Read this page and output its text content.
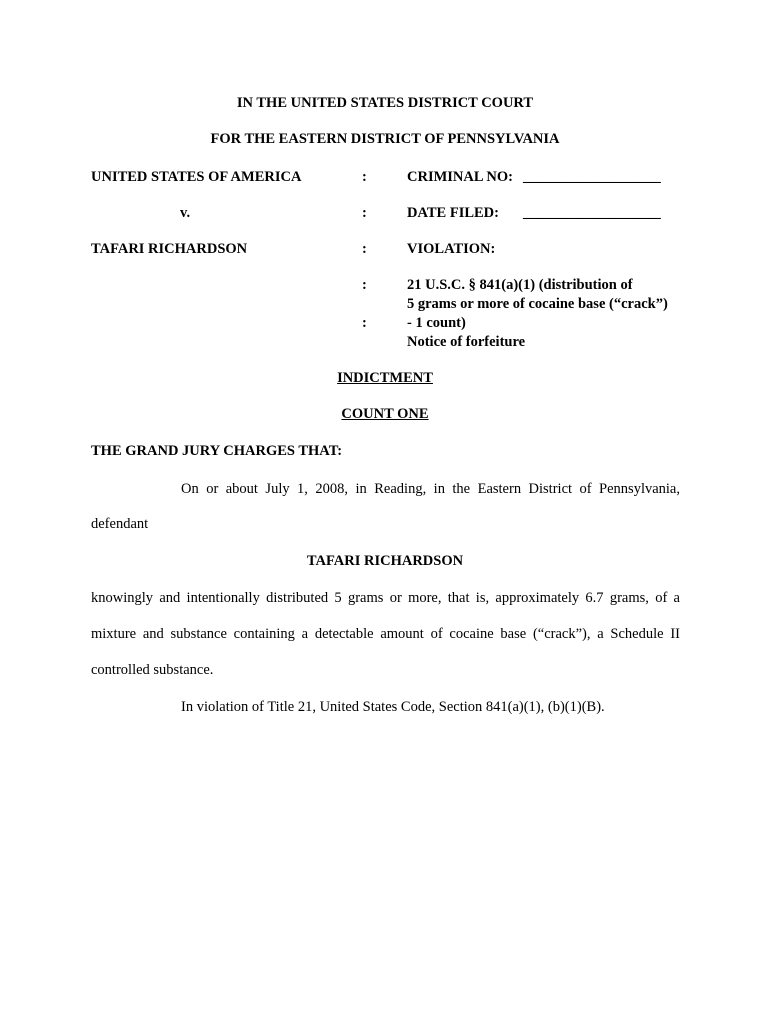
IN THE UNITED STATES DISTRICT COURT
FOR THE EASTERN DISTRICT OF PENNSYLVANIA
UNITED STATES OF AMERICA	:	CRIMINAL NO: ___________________
v.	:	DATE FILED: ___________________
TAFARI RICHARDSON	:	VIOLATION:
:	21 U.S.C. § 841(a)(1) (distribution of
5 grams or more of cocaine base (“crack”)
:	- 1 count)
Notice of forfeiture
INDICTMENT
COUNT ONE
THE GRAND JURY CHARGES THAT:
On or about July 1, 2008, in Reading, in the Eastern District of Pennsylvania,
defendant
TAFARI RICHARDSON
knowingly and intentionally distributed 5 grams or more, that is, approximately 6.7 grams, of a
mixture and substance containing a detectable amount of cocaine base (“crack”), a Schedule II
controlled substance.
In violation of Title 21, United States Code, Section 841(a)(1), (b)(1)(B).
